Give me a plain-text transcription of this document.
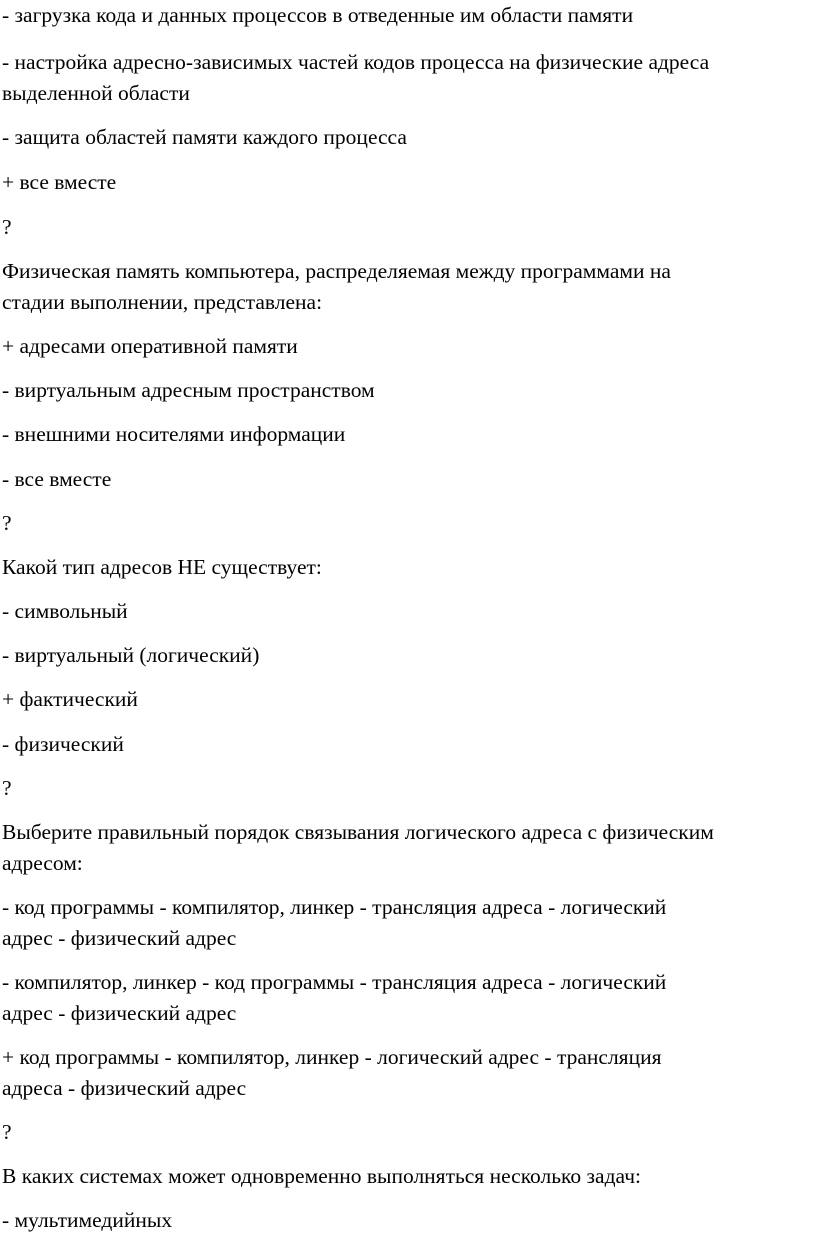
- загрузка кода и данных процессов в отведенные им области памяти
- настройка адресно-зависимых частей кодов процесса на физические адреса
выделенной области
- защита областей памяти каждого процесса
+ все вместе
?
Физическая память компьютера, распределяемая между программами на
стадии выполнении, представлена:
+ адресами оперативной памяти
- виртуальным адресным пространством
- внешними носителями информации
- все вместе
?
Какой тип адресов НЕ существует:
- символьный
- виртуальный (логический)
+ фактический
- физический
?
Выберите правильный порядок связывания логического адреса с физическим
адресом:
- код программы - компилятор, линкер - трансляция адреса - логический
адрес - физический адрес
- компилятор, линкер - код программы - трансляция адреса - логический
адрес - физический адрес
+ код программы - компилятор, линкер - логический адрес - трансляция
адреса - физический адрес
?
В каких системах может одновременно выполняться несколько задач:
- мультимедийных
